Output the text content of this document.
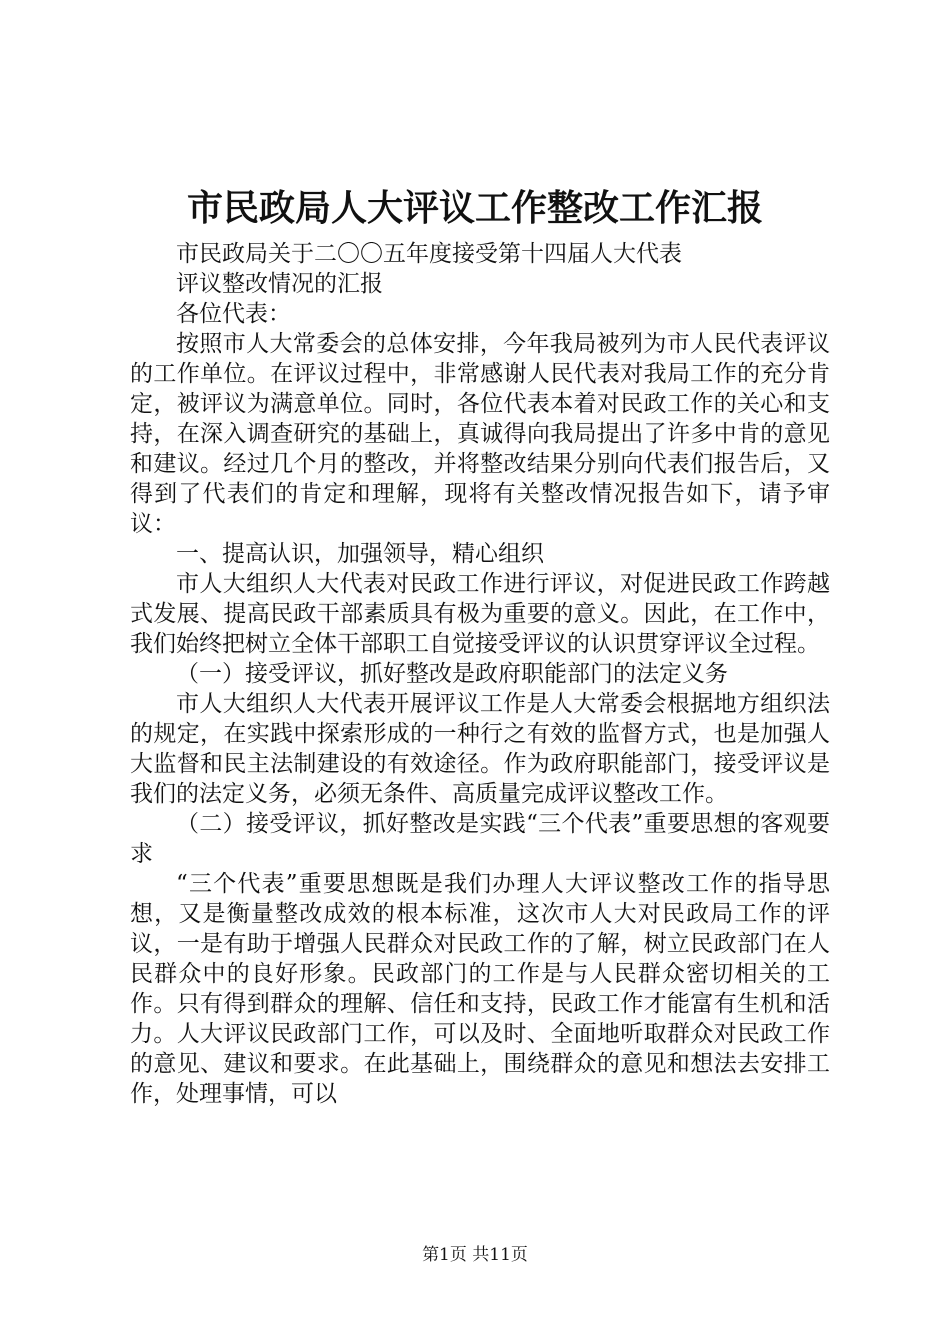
市民政局人大评议工作整改工作汇报

市民政局关于二〇〇五年度接受第十四届人大代表

评议整改情况的汇报

各位代表：

按照市人大常委会的总体安排，今年我局被列为市人民代表评议的工作单位。在评议过程中，非常感谢人民代表对我局工作的充分肯定，被评议为满意单位。同时，各位代表本着对民政工作的关心和支持，在深入调查研究的基础上，真诚得向我局提出了许多中肯的意见和建议。经过几个月的整改，并将整改结果分别向代表们报告后，又得到了代表们的肯定和理解，现将有关整改情况报告如下，请予审议：

一、提高认识，加强领导，精心组织

市人大组织人大代表对民政工作进行评议，对促进民政工作跨越式发展、提高民政干部素质具有极为重要的意义。因此，在工作中，我们始终把树立全体干部职工自觉接受评议的认识贯穿评议全过程。

（一）接受评议，抓好整改是政府职能部门的法定义务

市人大组织人大代表开展评议工作是人大常委会根据地方组织法的规定，在实践中探索形成的一种行之有效的监督方式，也是加强人大监督和民主法制建设的有效途径。作为政府职能部门，接受评议是我们的法定义务，必须无条件、高质量完成评议整改工作。

（二）接受评议，抓好整改是实践“三个代表”重要思想的客观要求

“三个代表”重要思想既是我们办理人大评议整改工作的指导思想，又是衡量整改成效的根本标准，这次市人大对民政局工作的评议，一是有助于增强人民群众对民政工作的了解，树立民政部门在人民群众中的良好形象。民政部门的工作是与人民群众密切相关的工作。只有得到群众的理解、信任和支持，民政工作才能富有生机和活力。人大评议民政部门工作，可以及时、全面地听取群众对民政工作的意见、建议和要求。在此基础上，围绕群众的意见和想法去安排工作，处理事情，可以

第1页 共11页
